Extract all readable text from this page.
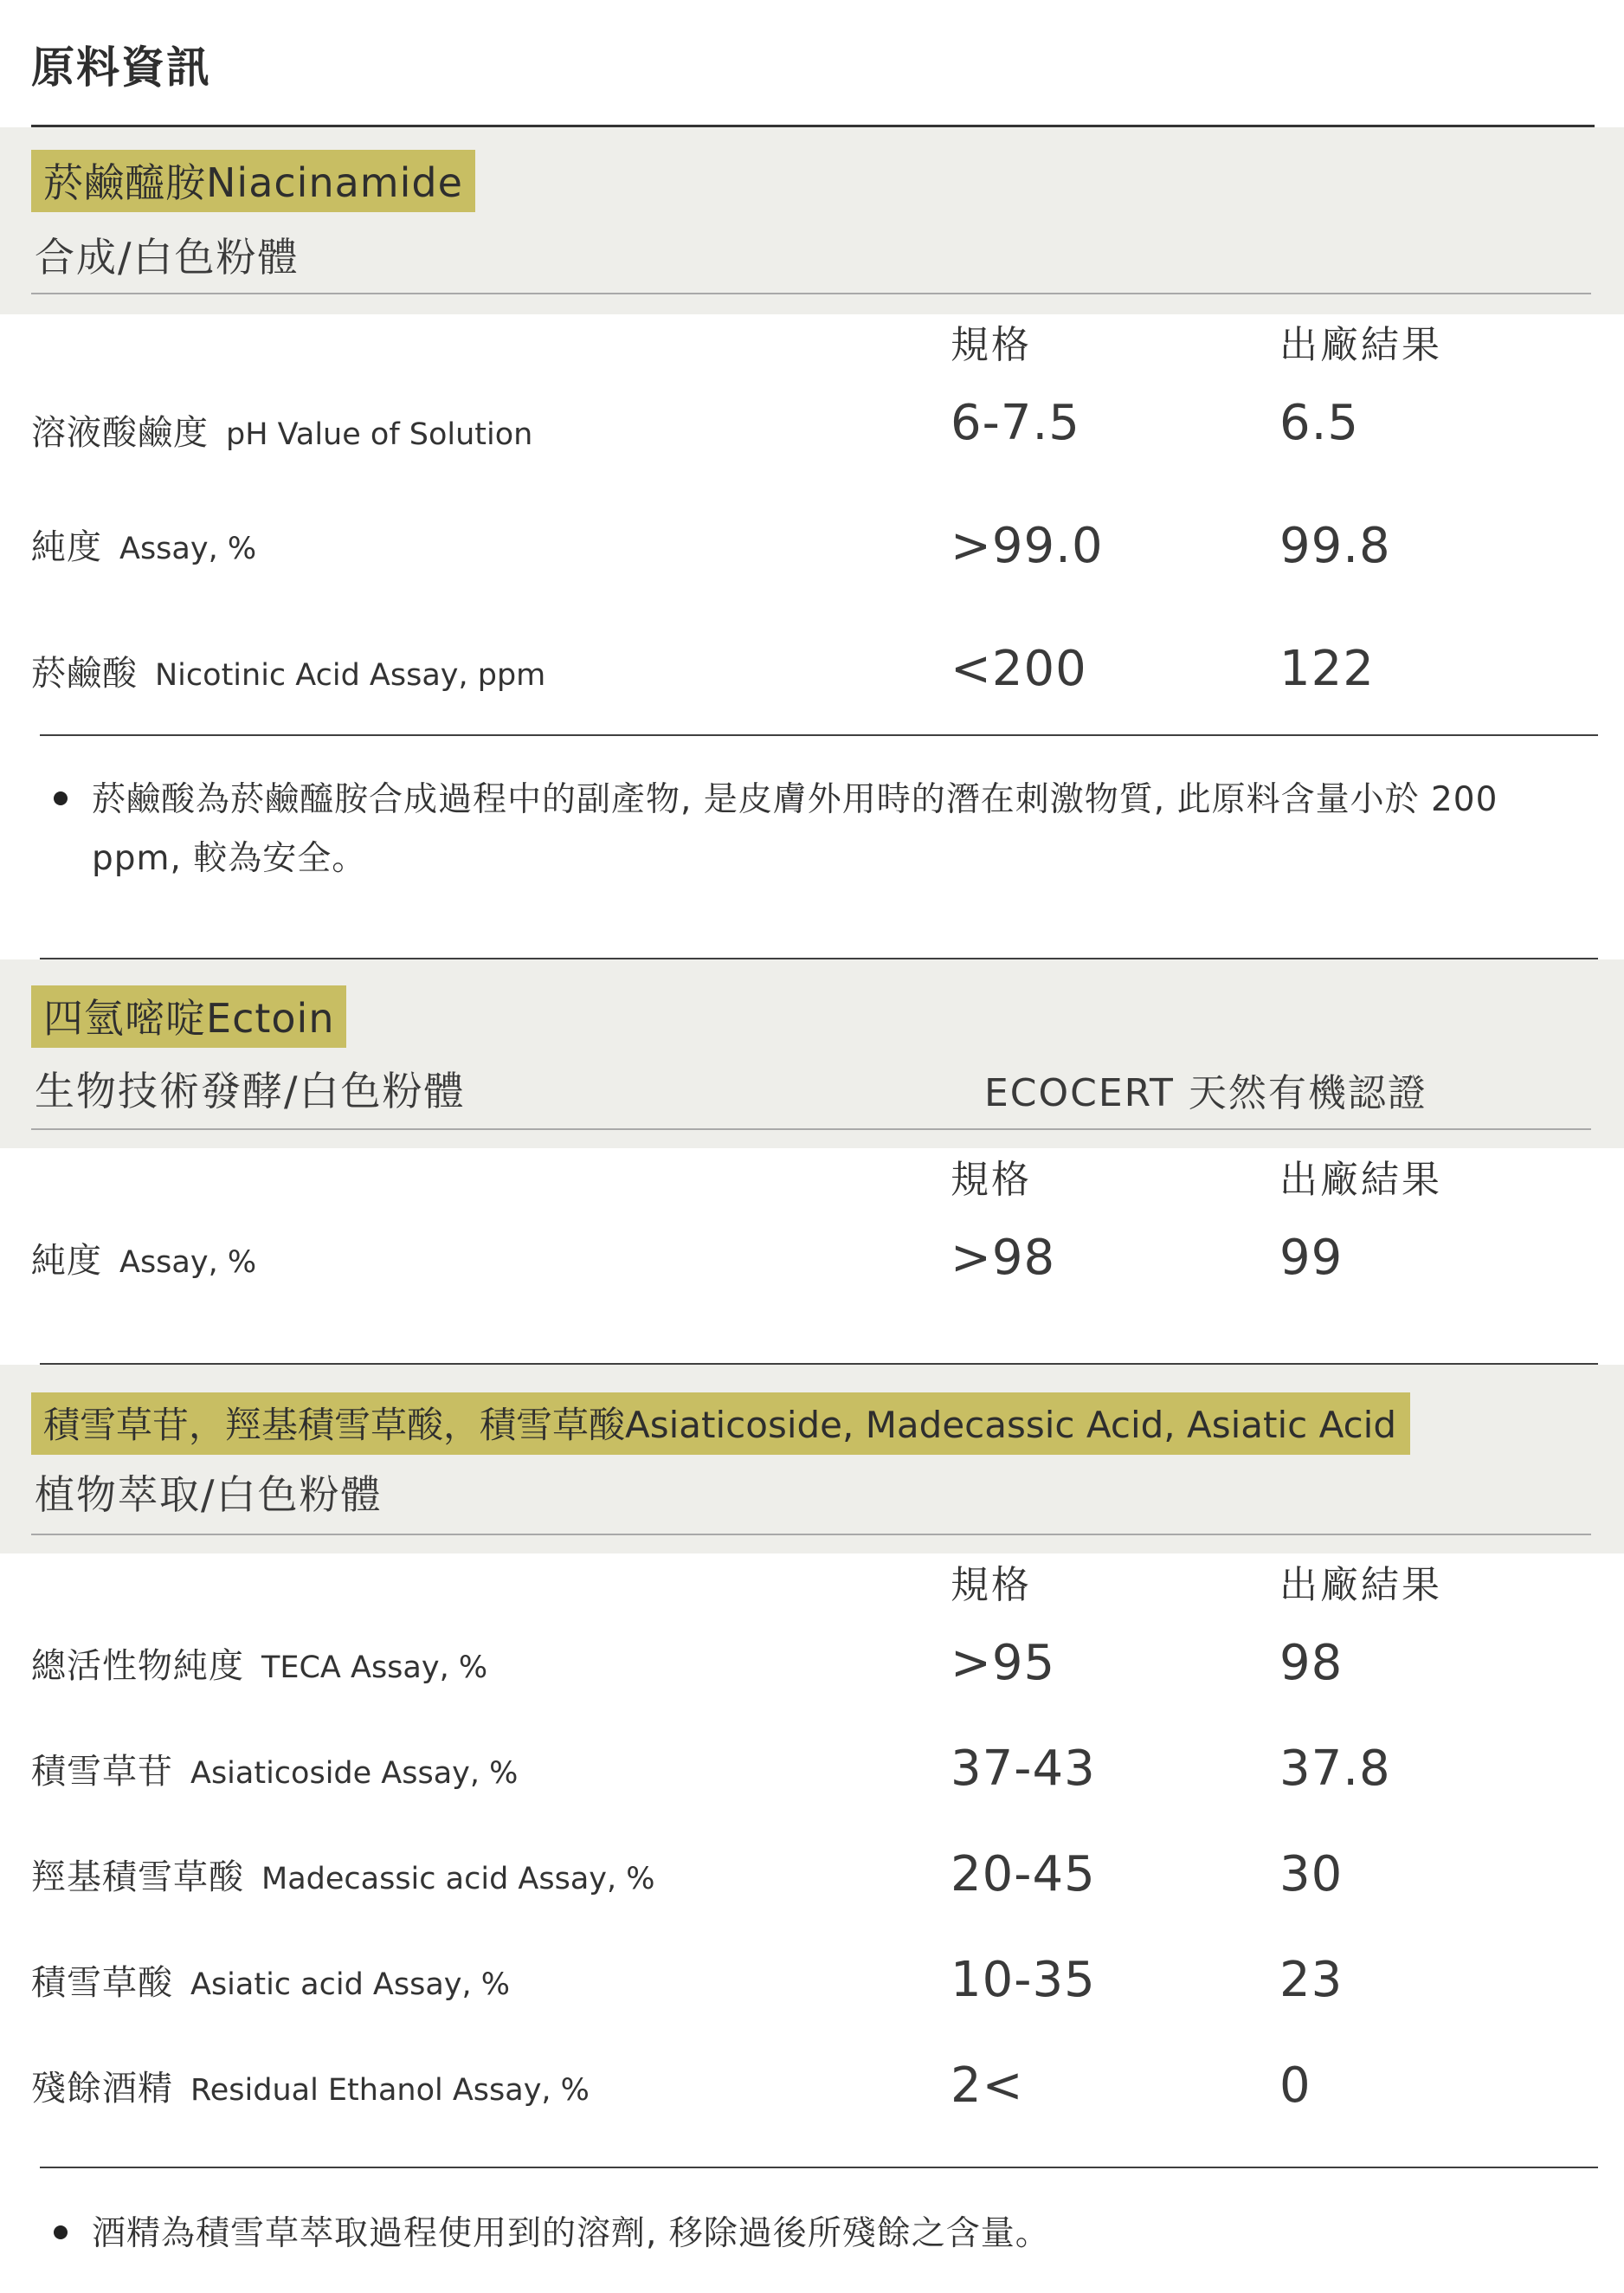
原料資訊
菸鹼醯胺Niacinamide
合成/白色粉體
規格	出廠結果
溶液酸鹼度 pH Value of Solution	6-7.5	6.5
純度 Assay, %	>99.0	99.8
菸鹼酸 Nicotinic Acid Assay, ppm	<200	122
菸鹼酸為菸鹼醯胺合成過程中的副產物, 是皮膚外用時的潛在刺激物質, 此原料含量小於 200 ppm, 較為安全。
四氫嘧啶Ectoin
生物技術發酵/白色粉體	ECOCERT 天然有機認證
規格	出廠結果
純度 Assay, %	>98	99
積雪草苷，羥基積雪草酸，積雪草酸Asiaticoside, Madecassic Acid, Asiatic Acid
植物萃取/白色粉體
規格	出廠結果
總活性物純度 TECA Assay, %	>95	98
積雪草苷 Asiaticoside Assay, %	37-43	37.8
羥基積雪草酸 Madecassic acid Assay, %	20-45	30
積雪草酸 Asiatic acid Assay, %	10-35	23
殘餘酒精 Residual Ethanol Assay, %	2<	0
酒精為積雪草萃取過程使用到的溶劑, 移除過後所殘餘之含量。
